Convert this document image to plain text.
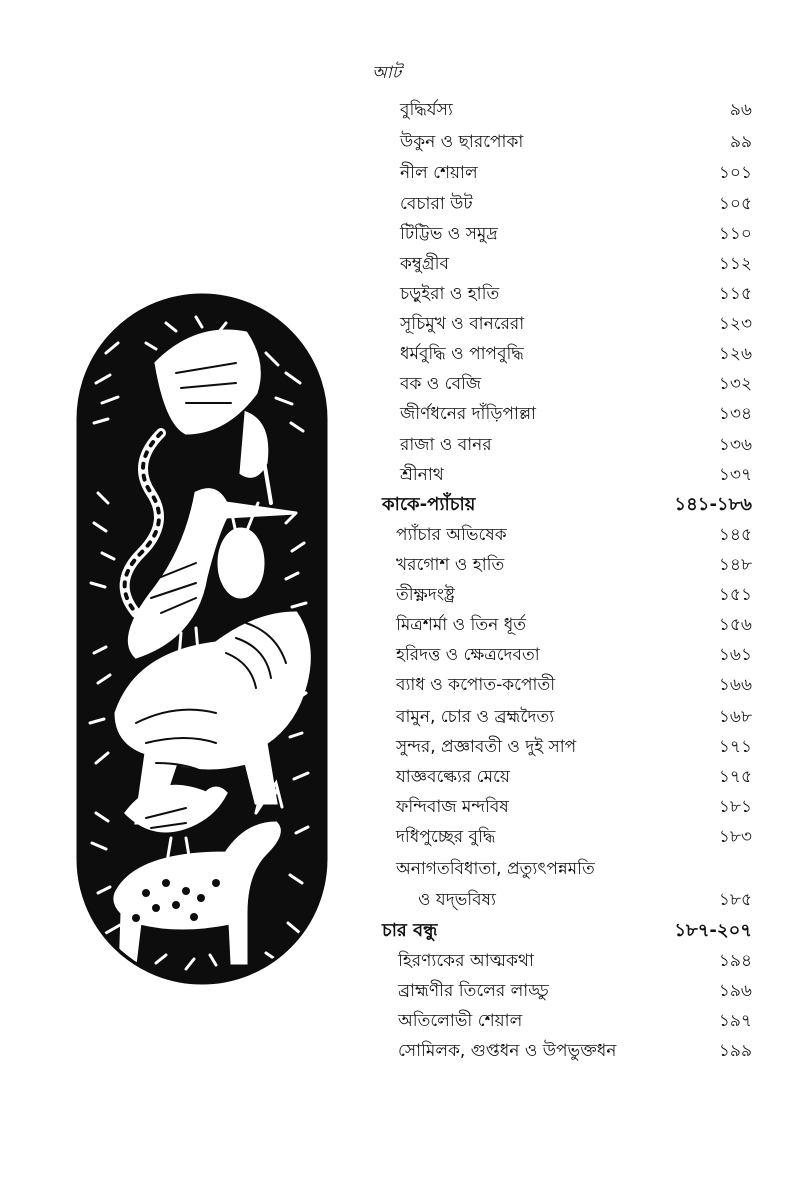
আট
বুদ্ধির্যস্য	৯৬
উকুন ও ছারপোকা	৯৯
নীল শেয়াল	১০১
বেচারা উট	১০৫
টিট্টিভ ও সমুদ্র	১১০
কম্বুগ্রীব	১১২
চড়ুইরা ও হাতি	১১৫
সূচিমুখ ও বানরেরা	১২৩
ধর্মবুদ্ধি ও পাপবুদ্ধি	১২৬
বক ও বেজি	১৩২
জীর্ণধনের দাঁড়িপাল্লা	১৩৪
রাজা ও বানর	১৩৬
শ্রীনাথ	১৩৭
কাকে-প্যাঁচায়	১৪১-১৮৬
প্যাঁচার অভিষেক	১৪৫
খরগোশ ও হাতি	১৪৮
তীক্ষ্ণদংষ্ট্র	১৫১
মিত্রশর্মা ও তিন ধূর্ত	১৫৬
হরিদত্ত ও ক্ষেত্রদেবতা	১৬১
ব্যাধ ও কপোত-কপোতী	১৬৬
বামুন, চোর ও ব্রহ্মদৈত্য	১৬৮
সুন্দর, প্রজ্ঞাবতী ও দুই সাপ	১৭১
যাজ্ঞবল্ক্যের মেয়ে	১৭৫
ফন্দিবাজ মন্দবিষ	১৮১
দধিপুচ্ছের বুদ্ধি	১৮৩
অনাগতবিধাতা, প্রত্যুৎপন্নমতি
ও যদ্‌ভবিষ্য	১৮৫
চার বন্ধু	১৮৭-২০৭
হিরণ্যকের আত্মকথা	১৯৪
ব্রাহ্মণীর তিলের লাড্ডু	১৯৬
অতিলোভী শেয়াল	১৯৭
সোমিলক, গুপ্তধন ও উপভুক্তধন	১৯৯
